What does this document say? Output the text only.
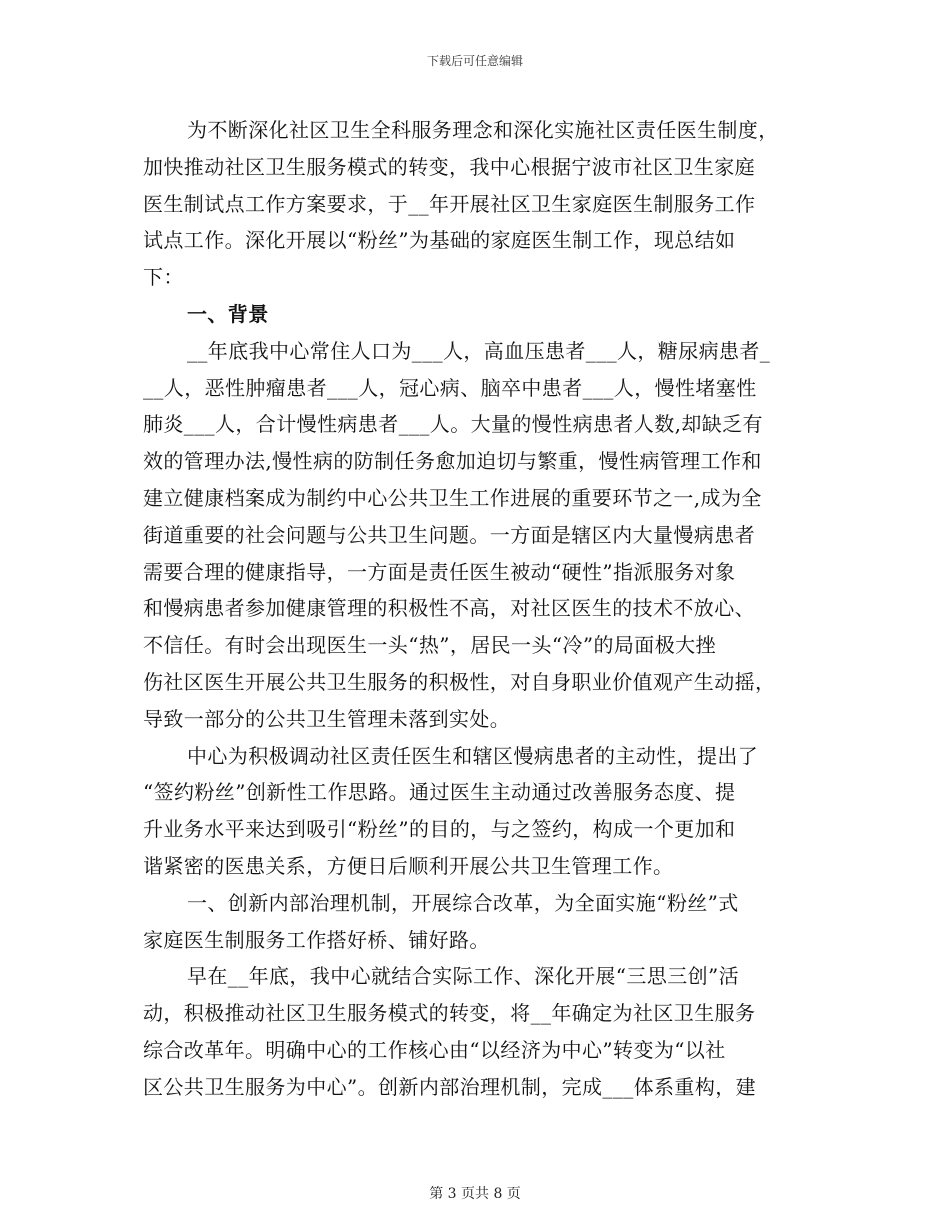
下载后可任意编辑
为不断深化社区卫生全科服务理念和深化实施社区责任医生制度，
加快推动社区卫生服务模式的转变，我中心根据宁波市社区卫生家庭
医生制试点工作方案要求，于__年开展社区卫生家庭医生制服务工作
试点工作。深化开展以“粉丝”为基础的家庭医生制工作，现总结如
下：
一、背景
__年底我中心常住人口为___人，高血压患者___人，糖尿病患者_
__人，恶性肿瘤患者___人，冠心病、脑卒中患者___人，慢性堵塞性
肺炎___人，合计慢性病患者___人。大量的慢性病患者人数,却缺乏有
效的管理办法,慢性病的防制任务愈加迫切与繁重，慢性病管理工作和
建立健康档案成为制约中心公共卫生工作进展的重要环节之一,成为全
街道重要的社会问题与公共卫生问题。一方面是辖区内大量慢病患者
需要合理的健康指导，一方面是责任医生被动“硬性”指派服务对象
和慢病患者参加健康管理的积极性不高，对社区医生的技术不放心、
不信任。有时会出现医生一头“热”，居民一头“冷”的局面极大挫
伤社区医生开展公共卫生服务的积极性，对自身职业价值观产生动摇，
导致一部分的公共卫生管理未落到实处。
中心为积极调动社区责任医生和辖区慢病患者的主动性，提出了
“签约粉丝”创新性工作思路。通过医生主动通过改善服务态度、提
升业务水平来达到吸引“粉丝”的目的，与之签约，构成一个更加和
谐紧密的医患关系，方便日后顺利开展公共卫生管理工作。
一、创新内部治理机制，开展综合改革，为全面实施“粉丝”式
家庭医生制服务工作搭好桥、铺好路。
早在__年底，我中心就结合实际工作、深化开展“三思三创”活
动，积极推动社区卫生服务模式的转变，将__年确定为社区卫生服务
综合改革年。明确中心的工作核心由“以经济为中心”转变为“以社
区公共卫生服务为中心”。创新内部治理机制，完成___体系重构，建
第 3 页共 8 页
